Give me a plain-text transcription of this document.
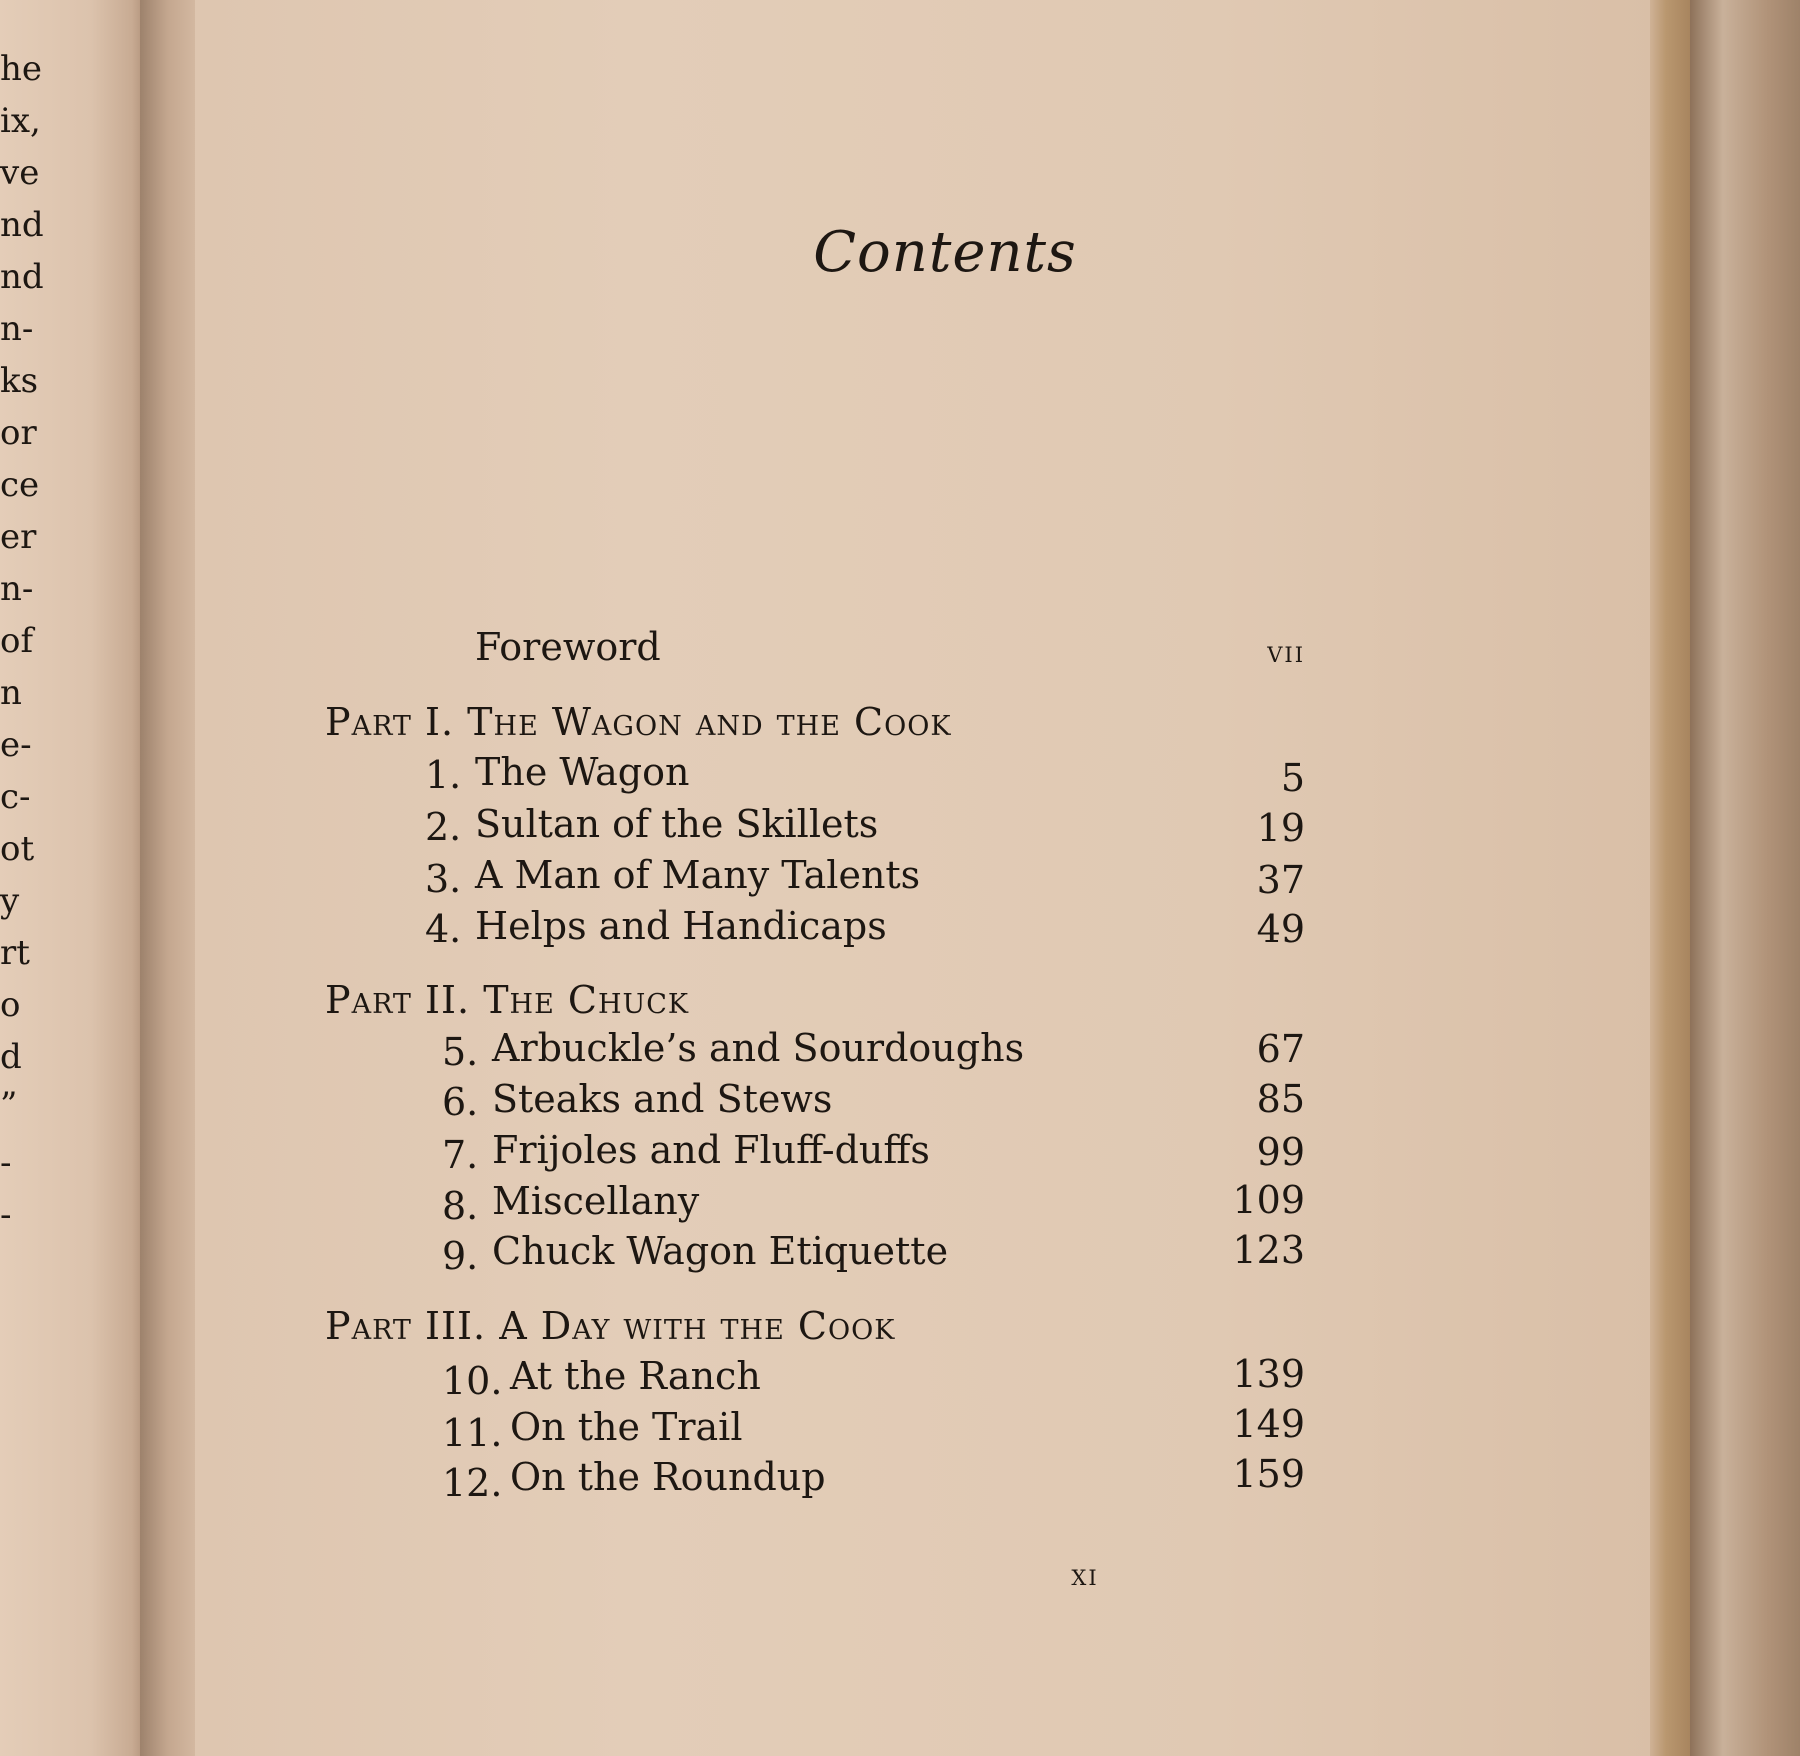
he
ix,
ve
nd
nd
n-
ks
or
ce
er
n-
of
n
e-
c-
ot
y
rt
o
d
”
-
-
Contents
Foreword	vii
Part I. The Wagon and the Cook
1. The Wagon	5
2. Sultan of the Skillets	19
3. A Man of Many Talents	37
4. Helps and Handicaps	49
Part II. The Chuck
5. Arbuckle’s and Sourdoughs	67
6. Steaks and Stews	85
7. Frijoles and Fluff-duffs	99
8. Miscellany	109
9. Chuck Wagon Etiquette	123
Part III. A Day with the Cook
10. At the Ranch	139
11. On the Trail	149
12. On the Roundup	159
xi
